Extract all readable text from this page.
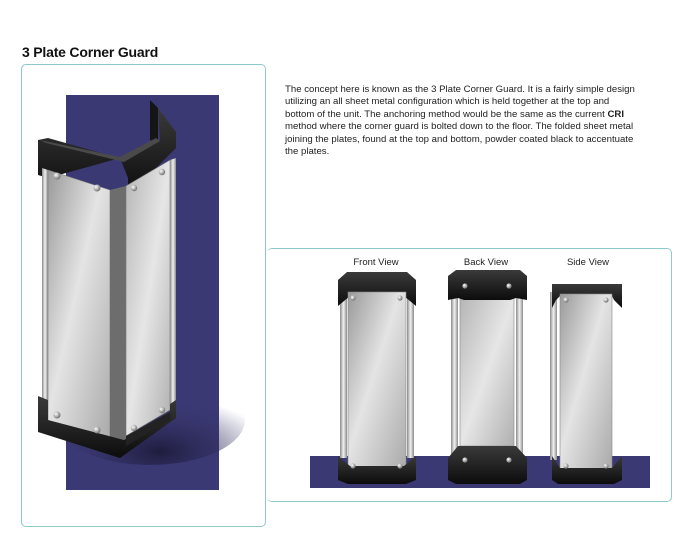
3 Plate Corner Guard
The concept here is known as the 3 Plate Corner Guard. It is a fairly simple design utilizing an all sheet metal configuration which is held together at the top and bottom of the unit. The anchoring method would be the same as the current CRI method where the corner guard is bolted down to the floor. The folded sheet metal joining the plates, found at the top and bottom, powder coated black to accentuate the plates.
Front View	Back View	Side View
